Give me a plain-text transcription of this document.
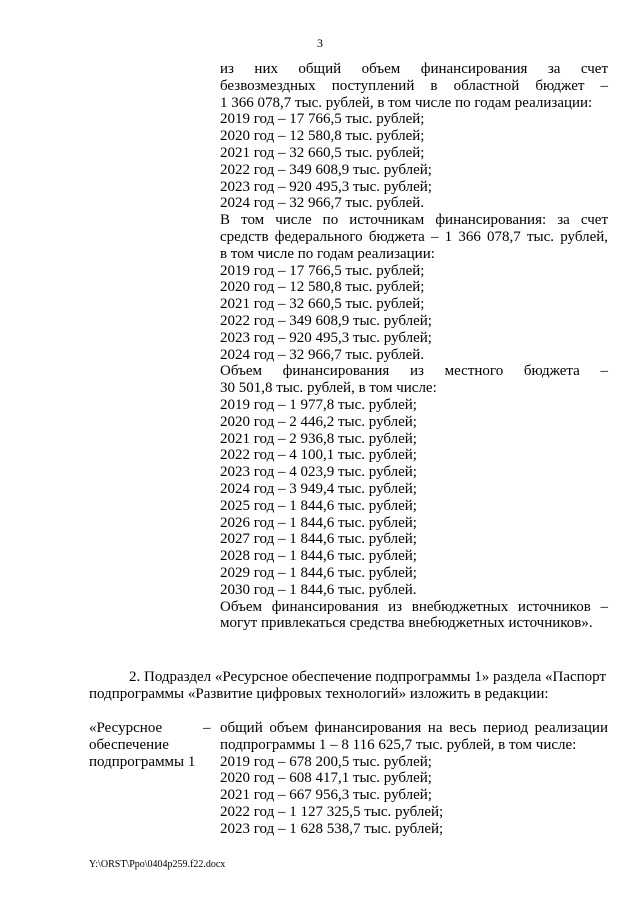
3
из них общий объем финансирования за счет
безвозмездных поступлений в областной бюджет –
1 366 078,7 тыс. рублей, в том числе по годам реализации:
2019 год – 17 766,5 тыс. рублей;
2020 год – 12 580,8 тыс. рублей;
2021 год – 32 660,5 тыс. рублей;
2022 год – 349 608,9 тыс. рублей;
2023 год – 920 495,3 тыс. рублей;
2024 год – 32 966,7 тыс. рублей.
В том числе по источникам финансирования: за счет
средств федерального бюджета – 1 366 078,7 тыс. рублей,
в том числе по годам реализации:
2019 год – 17 766,5 тыс. рублей;
2020 год – 12 580,8 тыс. рублей;
2021 год – 32 660,5 тыс. рублей;
2022 год – 349 608,9 тыс. рублей;
2023 год – 920 495,3 тыс. рублей;
2024 год – 32 966,7 тыс. рублей.
Объем финансирования из местного бюджета –
30 501,8 тыс. рублей, в том числе:
2019 год – 1 977,8 тыс. рублей;
2020 год – 2 446,2 тыс. рублей;
2021 год – 2 936,8 тыс. рублей;
2022 год – 4 100,1 тыс. рублей;
2023 год – 4 023,9 тыс. рублей;
2024 год – 3 949,4 тыс. рублей;
2025 год – 1 844,6 тыс. рублей;
2026 год – 1 844,6 тыс. рублей;
2027 год – 1 844,6 тыс. рублей;
2028 год – 1 844,6 тыс. рублей;
2029 год – 1 844,6 тыс. рублей;
2030 год – 1 844,6 тыс. рублей.
Объем финансирования из внебюджетных источников –
могут привлекаться средства внебюджетных источников».
2. Подраздел «Ресурсное обеспечение подпрограммы 1» раздела «Паспорт
подпрограммы «Развитие цифровых технологий» изложить в редакции:
«Ресурсное
обеспечение
подпрограммы 1
– общий объем финансирования на весь период реализации
подпрограммы 1 – 8 116 625,7 тыс. рублей, в том числе:
2019 год – 678 200,5 тыс. рублей;
2020 год – 608 417,1 тыс. рублей;
2021 год – 667 956,3 тыс. рублей;
2022 год – 1 127 325,5 тыс. рублей;
2023 год – 1 628 538,7 тыс. рублей;
Y:\ORST\Ppo\0404p259.f22.docx
